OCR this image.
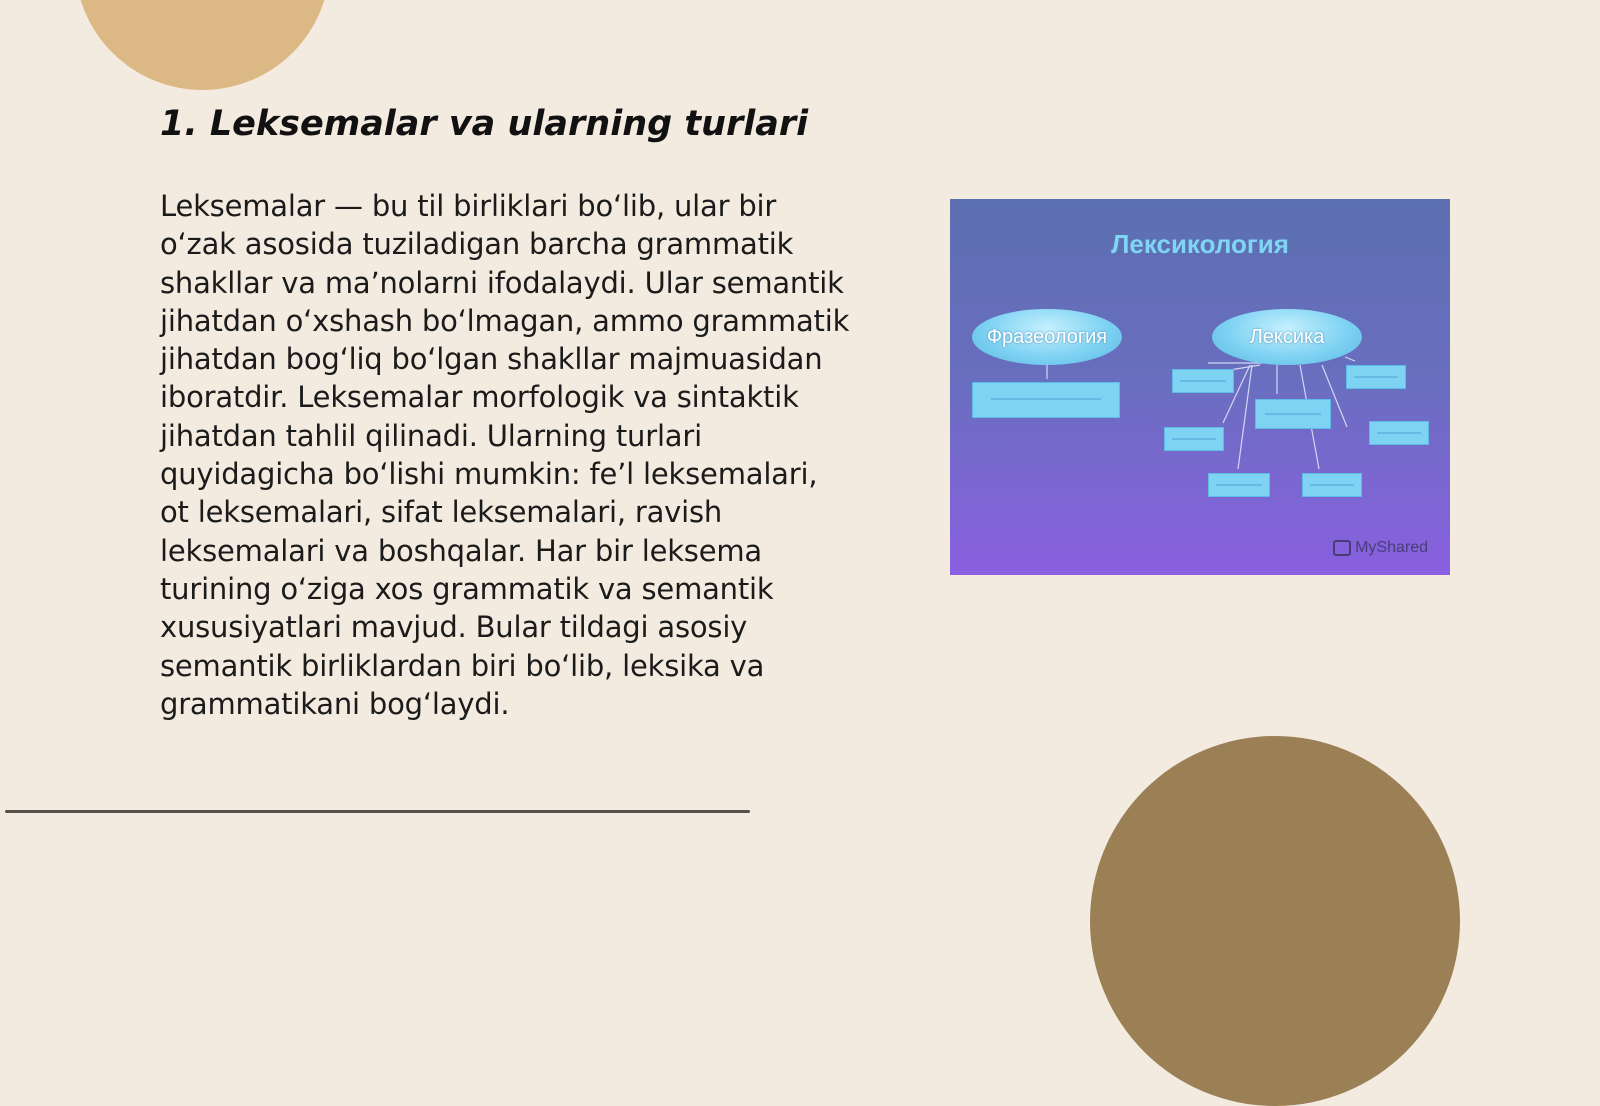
1. Leksemalar va ularning turlari

Leksemalar — bu til birliklari bo‘lib, ular bir o‘zak asosida tuziladigan barcha grammatik shakllar va ma’nolarni ifodalaydi. Ular semantik jihatdan o‘xshash bo‘lmagan, ammo grammatik jihatdan bog‘liq bo‘lgan shakllar majmuasidan iboratdir. Leksemalar morfologik va sintaktik jihatdan tahlil qilinadi. Ularning turlari quyidagicha bo‘lishi mumkin: fe’l leksemalari, ot leksemalari, sifat leksemalari, ravish leksemalari va boshqalar. Har bir leksema turining o‘ziga xos grammatik va semantik xususiyatlari mavjud. Bular tildagi asosiy semantik birliklardan biri bo‘lib, leksika va grammatikani bog‘laydi.

Лексикология
Фразеология	Лексика
MyShared
